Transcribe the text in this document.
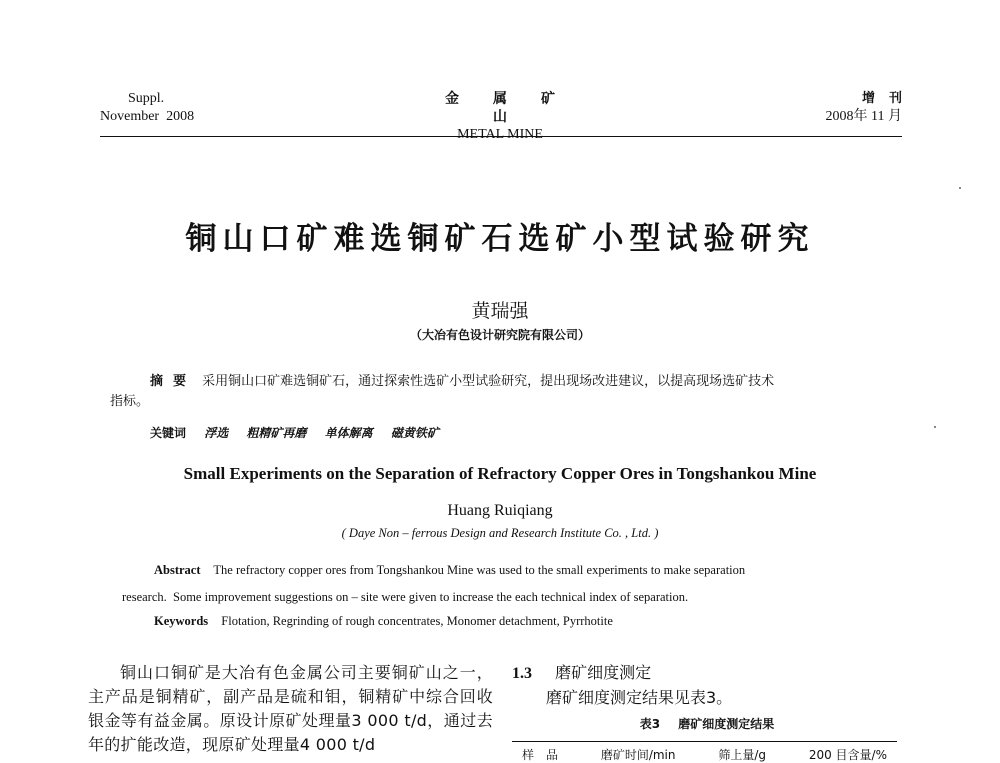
Suppl.
November  2008
金属矿山
METAL MINE
增刊
2008年 11 月
铜山口矿难选铜矿石选矿小型试验研究
黄瑞强
（大冶有色设计研究院有限公司）
摘要 采用铜山口矿难选铜矿石，通过探索性选矿小型试验研究，提出现场改进建议，以提高现场选矿技术
指标。
关键词 浮选 粗精矿再磨 单体解离 磁黄铁矿
Small Experiments on the Separation of Refractory Copper Ores in Tongshankou Mine
Huang Ruiqiang
( Daye Non – ferrous Design and Research Institute Co. , Ltd. )
Abstract The refractory copper ores from Tongshankou Mine was used to the small experiments to make separation
research.  Some improvement suggestions on – site were given to increase the each technical index of separation.
Keywords Flotation, Regrinding of rough concentrates, Monomer detachment, Pyrrhotite

铜山口铜矿是大冶有色金属公司主要铜矿山之一，主产品是铜精矿，副产品是硫和钼，铜精矿中综合回收银金等有益金属。原设计原矿处理量3 000 t/d，通过去年的扩能改造，现原矿处理量4 000 t/d

1.3 磨矿细度测定
磨矿细度测定结果见表3。
表3 磨矿细度测定结果
样　品	磨矿时间/min	筛上量/g	200 目含量/%
